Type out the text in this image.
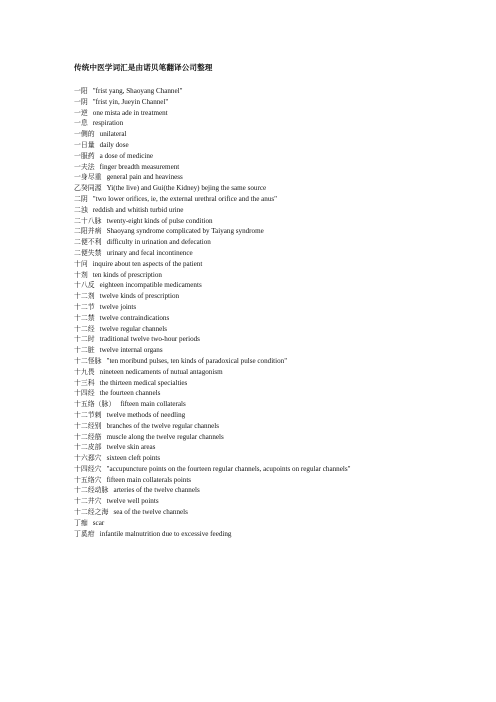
传统中医学词汇是由诺贝笔翻译公司整理
一阳 "frist yang, Shaoyang Channel"
一阴 "frist yin, Jueyin Channel"
一逆 one mista ade in treatment
一息 respiration
一侧的 unilateral
一日量 daily dose
一服药 a dose of medicine
一夫法 finger breadth measurement
一身尽重 general pain and heaviness
乙癸同源 Yi(the live) and Gui(the Kidney) bejing the same source
二阴 "two lower orifices, ie, the external urethral orifice and the anus"
二浊 reddish and whitish turbid urine
二十八脉 twenty-eight kinds of pulse condition
二阳并病 Shaoyang syndrome complicated by Taiyang syndrome
二便不利 difficulty in urination and defecation
二便失禁 urinary and fecal incontinence
十问 inquire about ten aspects of the patient
十剂 ten kinds of prescription
十八反 eighteen incompatible medicaments
十二剂 twelve kinds of prescription
十二节 twelve joints
十二禁 twelve contraindications
十二经 twelve regular channels
十二时 traditional twelve two-hour periods
十二脏 twelve internal organs
十二怪脉 "ten moribund pulses, ten kinds of paradoxical pulse condition"
十九畏 nineteen nedicaments of nutual antagonism
十三科 the thirteen medical specialties
十四经 the fourteen channels
十五络（脉） fifteen main collaterals
十二节刺 twelve methods of needling
十二经别 branches of the twelve regular channels
十二经筋 muscle along the twelve regular channels
十二皮部 twelve skin areas
十六郄穴 sixteen cleft points
十四经穴 "accupuncture points on the fourteen regular channels, acupoints on regular channels"
十五络穴 fifteen main collaterals points
十二经动脉 arteries of the twelve channels
十二井穴 twelve well points
十二经之海 sea of the twelve channels
丁痂 scar
丁奚疳 infantile malnutrition due to excessive feeding
